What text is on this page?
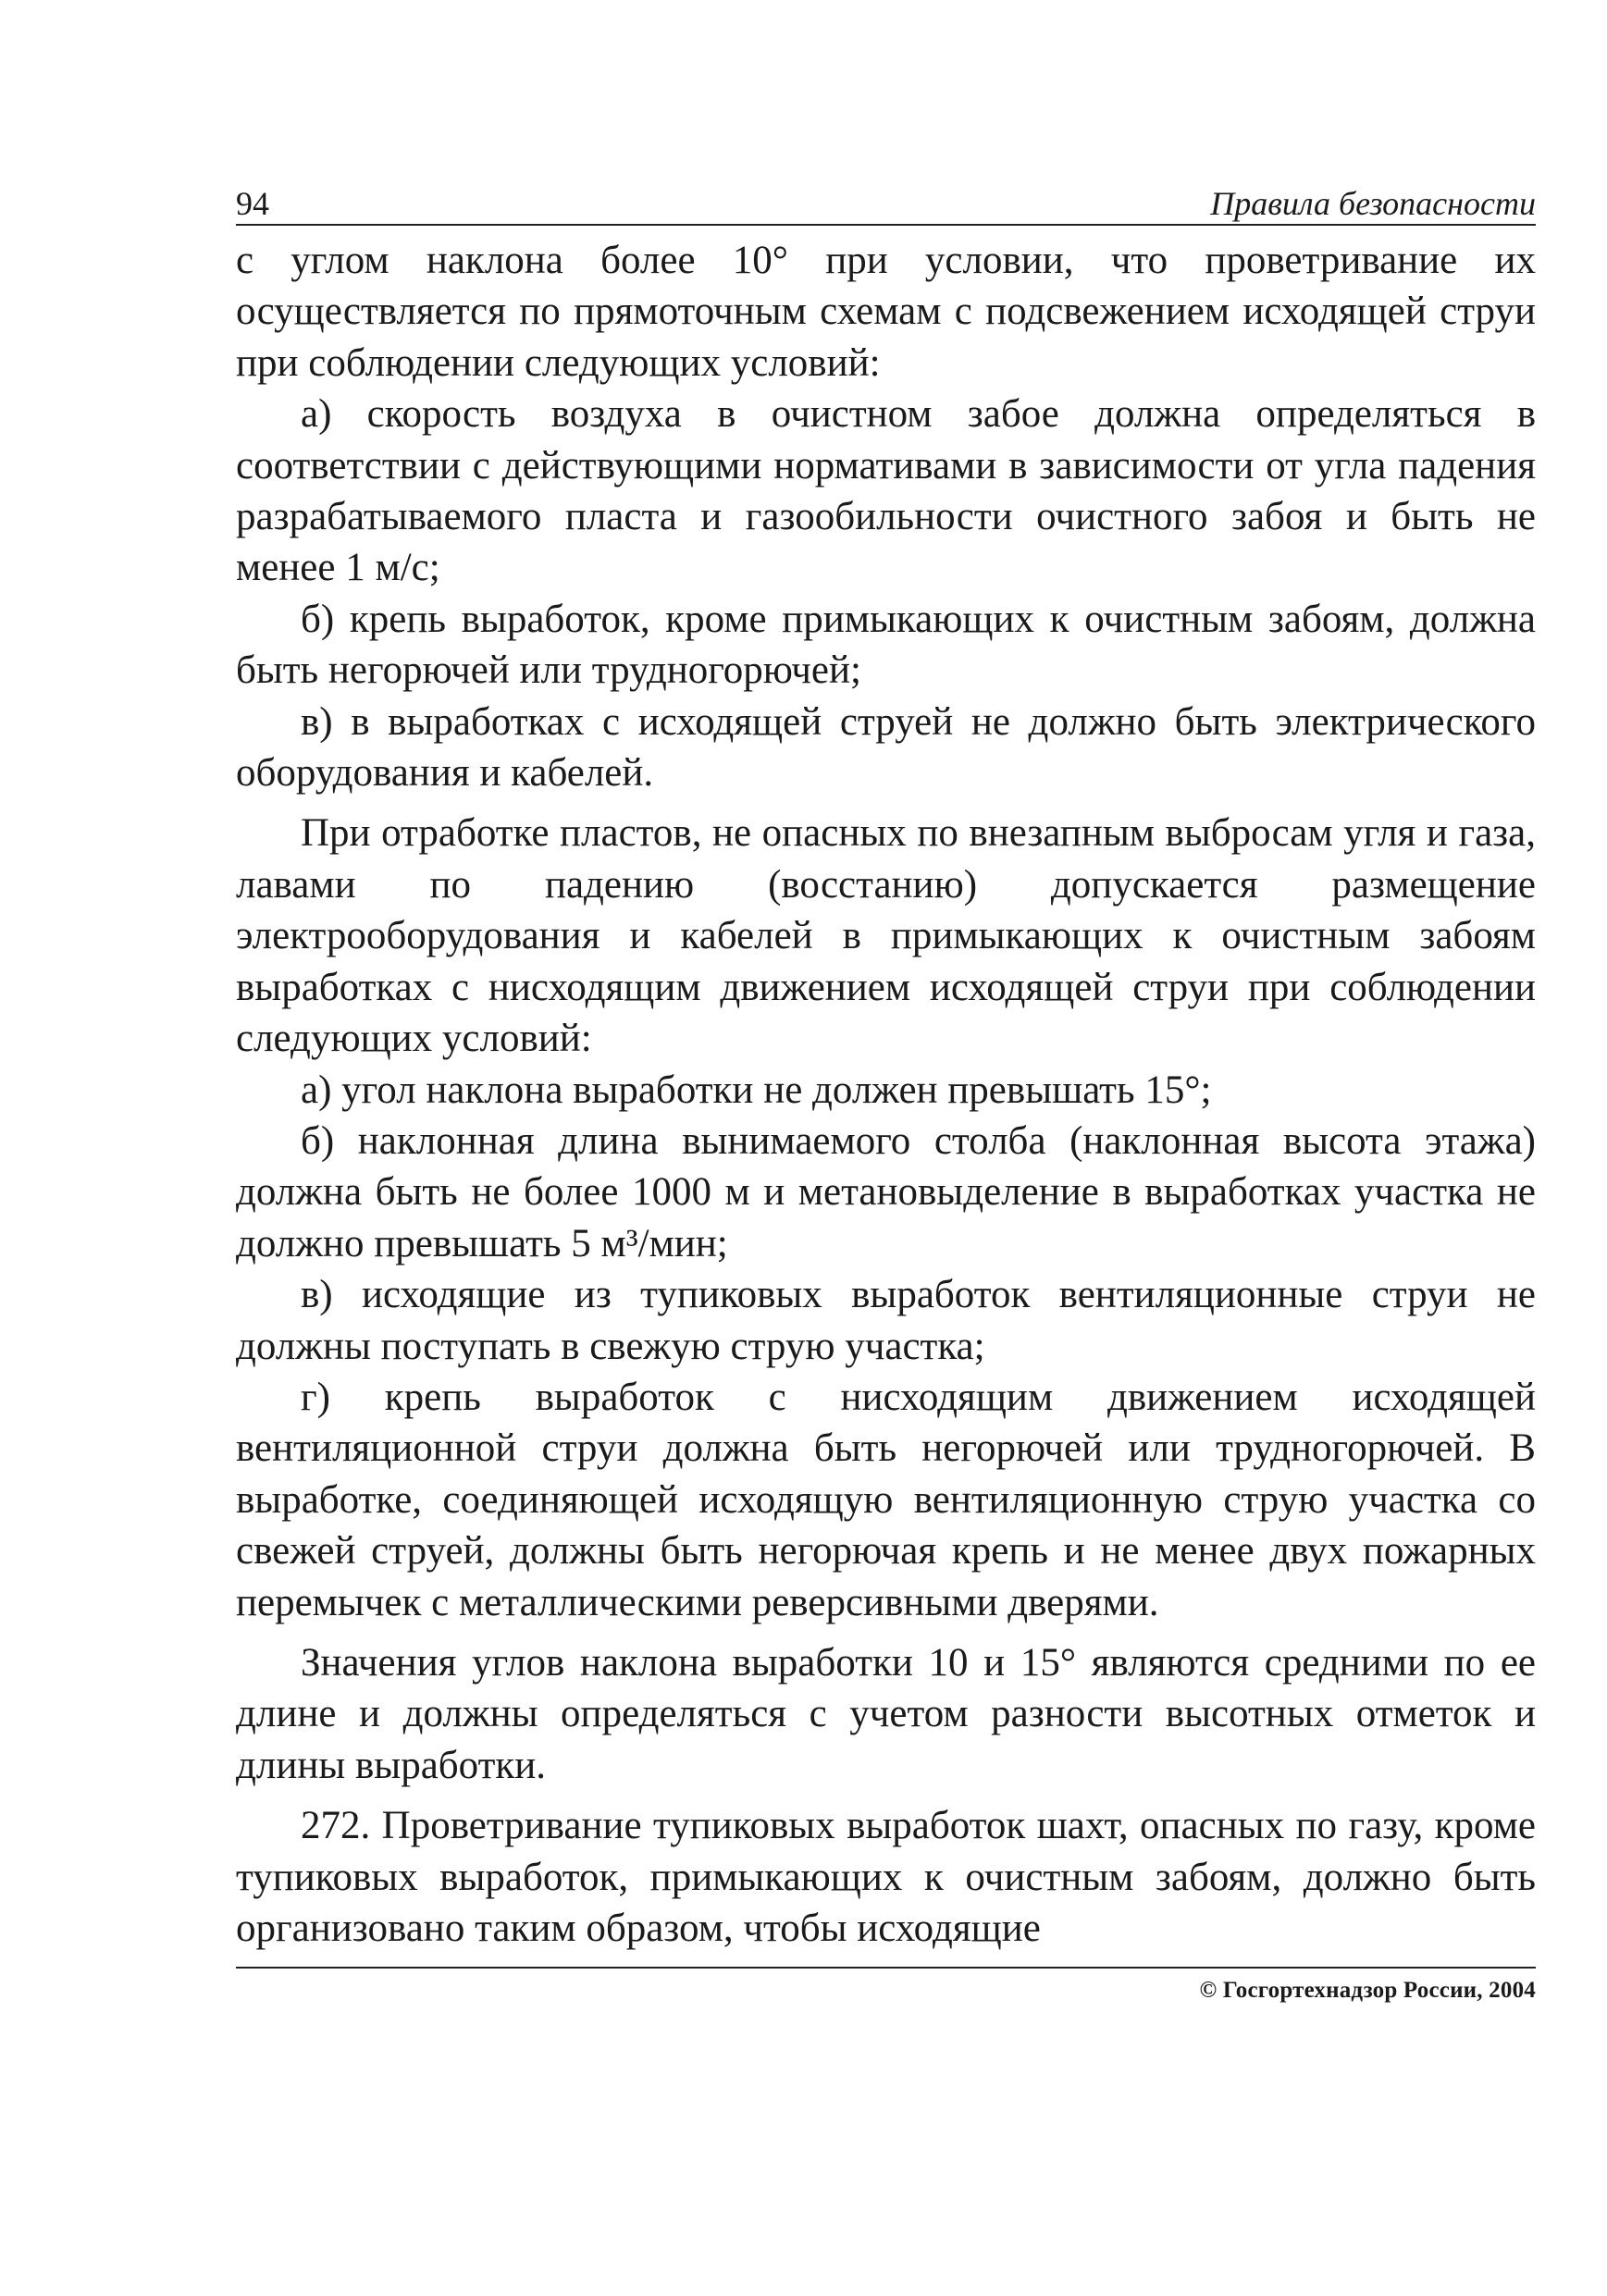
94	Правила безопасности

с углом наклона более 10° при условии, что проветривание их осуществляется по прямоточным схемам с подсвежением исходящей струи при соблюдении следующих условий:

а) скорость воздуха в очистном забое должна определяться в соответствии с действующими нормативами в зависимости от угла падения разрабатываемого пласта и газообильности очистного забоя и быть не менее 1 м/с;

б) крепь выработок, кроме примыкающих к очистным забоям, должна быть негорючей или трудногорючей;

в) в выработках с исходящей струей не должно быть электрического оборудования и кабелей.

При отработке пластов, не опасных по внезапным выбросам угля и газа, лавами по падению (восстанию) допускается размещение электрооборудования и кабелей в примыкающих к очистным забоям выработках с нисходящим движением исходящей струи при соблюдении следующих условий:

а) угол наклона выработки не должен превышать 15°;

б) наклонная длина вынимаемого столба (наклонная высота этажа) должна быть не более 1000 м и метановыделение в выработках участка не должно превышать 5 м³/мин;

в) исходящие из тупиковых выработок вентиляционные струи не должны поступать в свежую струю участка;

г) крепь выработок с нисходящим движением исходящей вентиляционной струи должна быть негорючей или трудногорючей. В выработке, соединяющей исходящую вентиляционную струю участка со свежей струей, должны быть негорючая крепь и не менее двух пожарных перемычек с металлическими реверсивными дверями.

Значения углов наклона выработки 10 и 15° являются средними по ее длине и должны определяться с учетом разности высотных отметок и длины выработки.

272. Проветривание тупиковых выработок шахт, опасных по газу, кроме тупиковых выработок, примыкающих к очистным забоям, должно быть организовано таким образом, чтобы исходящие

© Госгортехнадзор России, 2004
